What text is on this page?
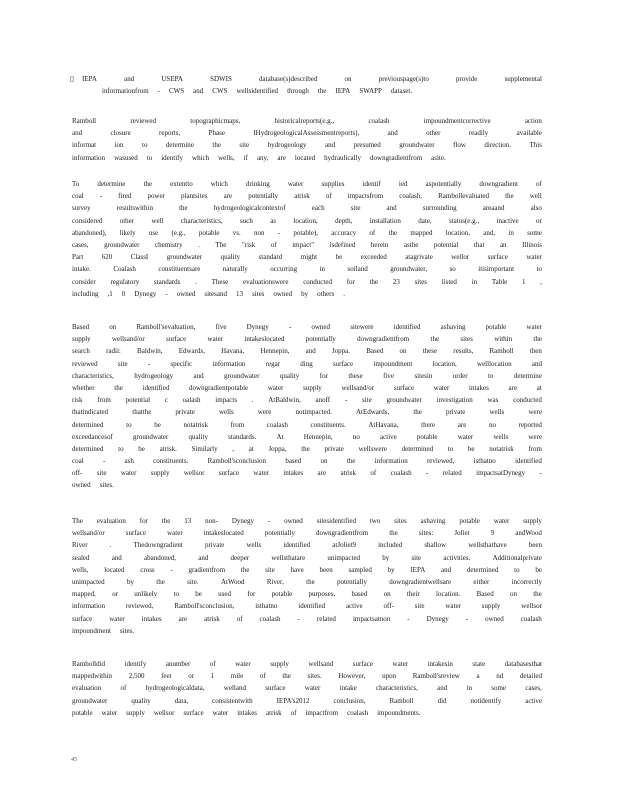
▯ IEPA	and	USEPA	SDWIS	database(s)described	on	previouspage(s)to	provide	supplemental
informationfrom - CWS and CWS wellsidentified through the IEPA SWAPP dataset.
Ramboll	reviewed	topographicmaps,	historicalreports(e.g.,	coalash	impoundmentcorrective	action
and	closure	reports,	Phase	IHydrogeologicalAssessmentreports),	and	other	readily	available
informat	ion	to	determine	the	site	hydrogeology	and	presumed	groundwater	flow	direction.	This
information wasused to identify which wells, if any, are located hydraulically downgradientfrom asite.
To	determine	the	extentto	which	drinking	water	supplies	identif	ied	aspotentially	downgradient	of
coal - fired power plantsites are potentially atrisk of impactsfrom coalash, Rambollevaluated the well
survey	resultswithin	the	hydrogeologicalcontextof	each	site	and	surrounding	areaand	also
considered other well characteristics, such as location, depth, installation date, status(e.g., inactive or
abandoned), likely use (e.g., potable vs. non - potable), accuracy of the mapped location, and, in some
cases, groundwater chemistry . The "risk of impact" isdefined herein asthe potential that an Illinois
Part	620	ClassI	groundwater	quality	standard	might	be	exceeded	atagrivate	wellor	surface	water
intake.	Coalash	constituentsare	naturally	occurring	in	soiland	groundwater,	so	itisimportant	to
consider regulatory standards . These evaluationswere conducted for the 23 sites listed in Table 1 ,
including ,1 0 Dynegy - owned sitesand 13 sites owned by others .
Based	on	Ramboll'sevaluation,	five	Dynegy	-	owned	sitewere	identified	ashaving	potable	water
supply	wellsand/or	surface	water	intakeslocated	potentially	downgradientfrom	the	sites	within	the
search radii: Baldwin, Edwards, Havana, Hennepin, and Joppa. Based on these results, Ramboll then
reviewed	site	-	specific	information	regar	ding	surface	impoundment	location,	welllocation	and
characteristics,	hydrogeology	and	groundwater	quality	for	these	five	sitesin	order	to	determine
whether	the	identified	downgradientpotable	water	supply	wellsand/or	surface	water	intakes	are	at
risk from potential c oalash impacts . AtBaldwin, anoff - site groundwater investigation was conducted
thatindicated	thatthe	private	wells	were	notimpacted.	AtEdwards,	the	private	wells	were
determined	to	be	notatrisk	from	coalash	constituents.	AtHavana,	there	are	no	reported
exceedancesof	groundwater	quality	standards.	At	Hennepin,	no	active	potable	water	wells	were
determined to be atrisk. Similarly , at Joppa, the private wellswere determined to be notatrisk from
coal	-	ash	constituents.	Ramboll'sconclusion	based	on	the	information	reviewed,	isthatno	identified
off- site water supply wellsor surface water intakes are atrisk of coalash - related impactsatDynegy -
owned sites.
The evaluation for the 13 non- Dynegy - owned sitesidentified two sites ashaving potable water supply
wellsand/or	surface	water	intakeslocated	potentially	downgradientfrom	the	sites:	Joliet	9	andWood
River	.	Thedowngradient	private	wells	identified	atJoliet9	included	shallow	wellsthathave	been
sealed	and	abandoned,	and	deeper	wellsthatare	unimpacted	by	site	activities.	Additionalprivate
wells, located cross - gradientfrom the site have been sampled by IEPA and determined to be
unimpacted	by	the	site.	AtWood	River,	the	potentially	downgradientwellsare	either	incorrectly
mapped, or unlikely to be used for potable purposes, based on their location. Based on the
information	reviewed,	Ramboll'sconclusion,	isthatno	identified	active	off-	site	water	supply	wellsor
surface water intakes are atrisk of coalash - related impactsatnon - Dynegy - owned coalash
impoundment sites.
Rambolldid	identify	anumber	of	water	supply	wellsand	surface	water	intakesin	state	databasesthat
mappedwithin 2,500 feet or 1 mile of the sites. However, upon Ramboll'sreview a nd detailed
evaluation	of	hydrogeologicaldata,	welland	surface	water	intake	characteristics,	and	in	some	cases,
groundwater	quality	data,	consistentwith	IEPA's2012	conclusion,	Ramboll	did	notidentify	active
potable water supply wellsor surface water intakes atrisk of impactfrom coalash impoundments.
45
